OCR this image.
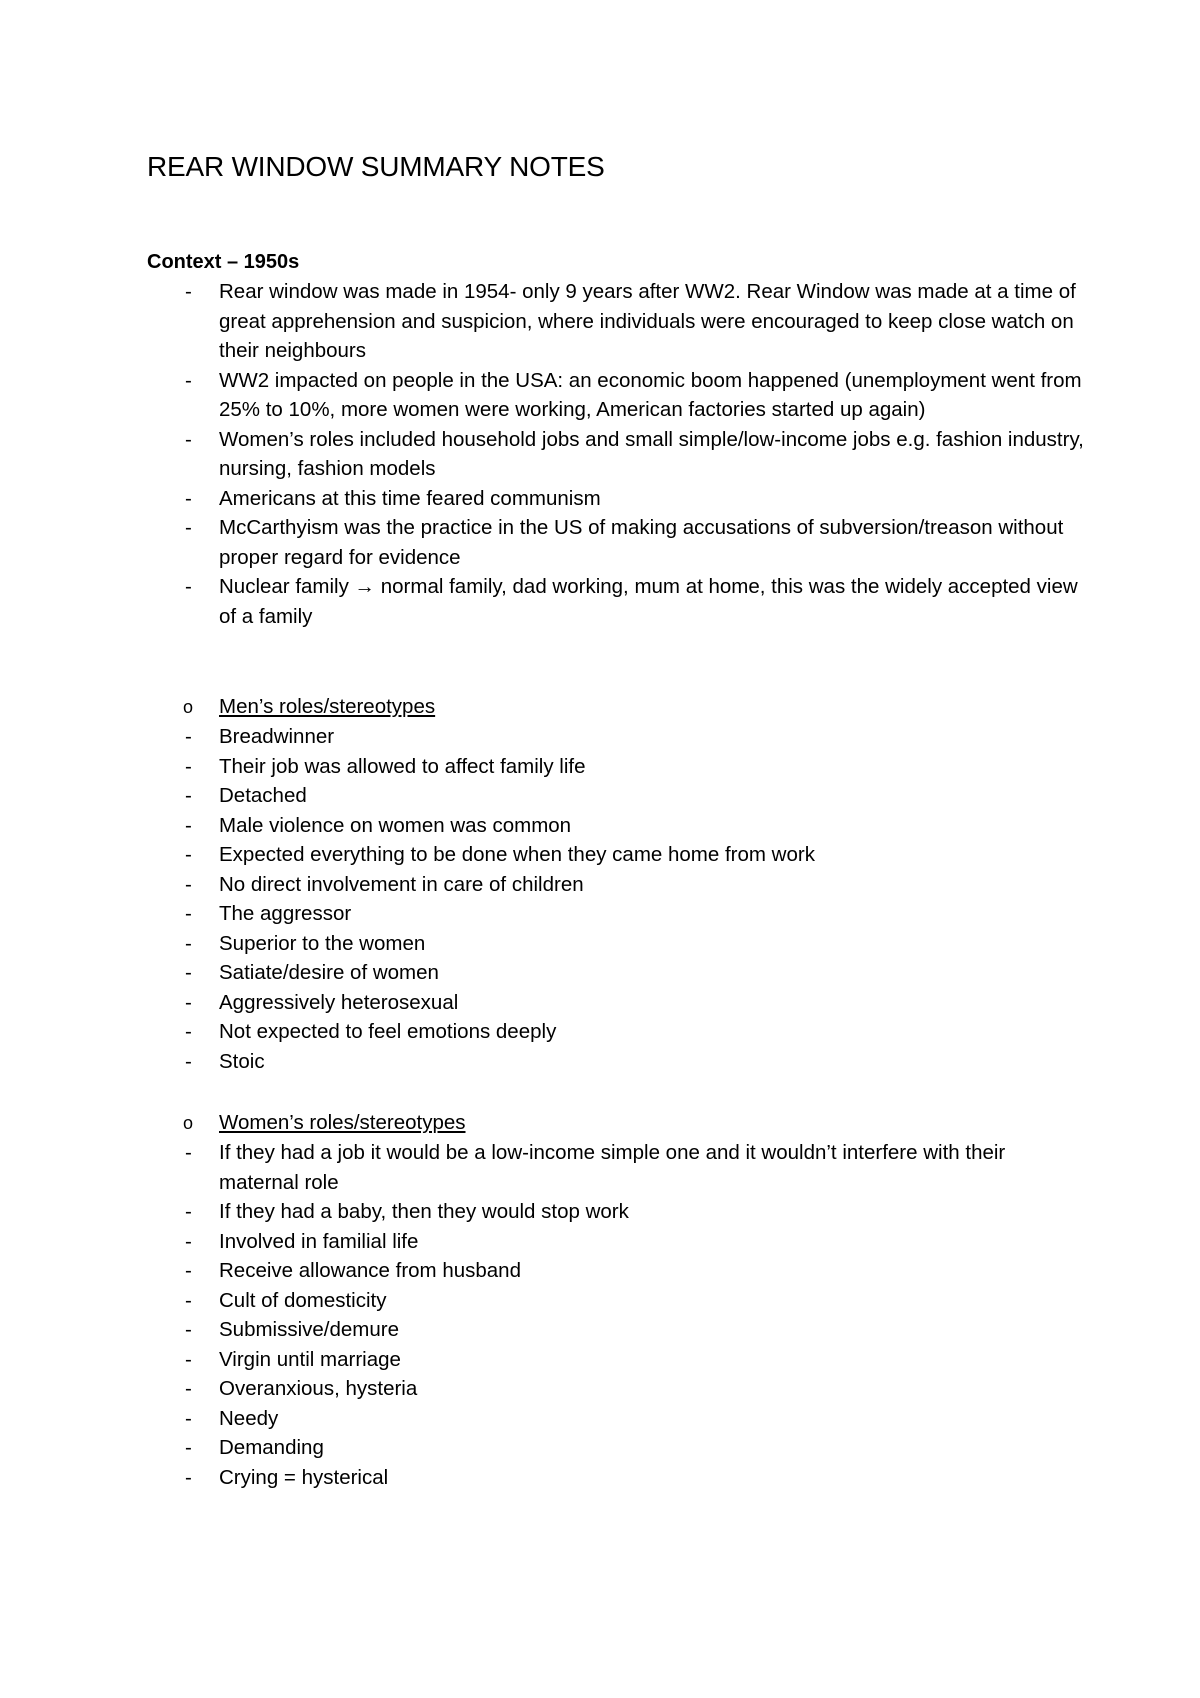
REAR WINDOW SUMMARY NOTES

Context – 1950s

- Rear window was made in 1954- only 9 years after WW2. Rear Window was made at a time of great apprehension and suspicion, where individuals were encouraged to keep close watch on their neighbours
- WW2 impacted on people in the USA: an economic boom happened (unemployment went from 25% to 10%, more women were working, American factories started up again)
- Women’s roles included household jobs and small simple/low-income jobs e.g. fashion industry, nursing, fashion models
- Americans at this time feared communism
- McCarthyism was the practice in the US of making accusations of subversion/treason without proper regard for evidence
- Nuclear family → normal family, dad working, mum at home, this was the widely accepted view of a family

o Men’s roles/stereotypes

- Breadwinner
- Their job was allowed to affect family life
- Detached
- Male violence on women was common
- Expected everything to be done when they came home from work
- No direct involvement in care of children
- The aggressor
- Superior to the women
- Satiate/desire of women
- Aggressively heterosexual
- Not expected to feel emotions deeply
- Stoic

o Women’s roles/stereotypes

- If they had a job it would be a low-income simple one and it wouldn’t interfere with their maternal role
- If they had a baby, then they would stop work
- Involved in familial life
- Receive allowance from husband
- Cult of domesticity
- Submissive/demure
- Virgin until marriage
- Overanxious, hysteria
- Needy
- Demanding
- Crying = hysterical
